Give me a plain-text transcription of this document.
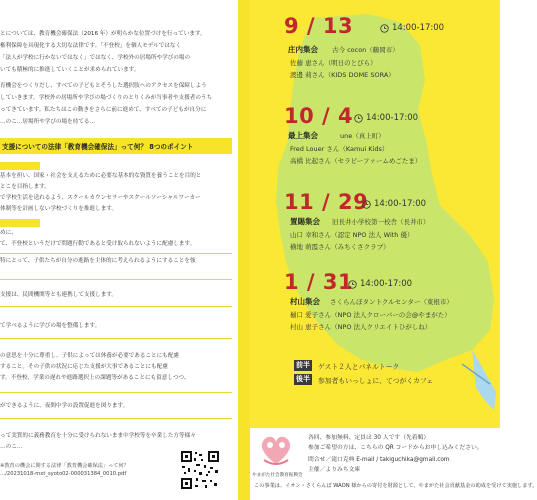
とについては、教育機会確保法（2016 年）が明らかな位置づけを行っています。
権利保障を具現化する大切な法律です。「不登校」を個人モデルではなく
「法人が学校に行かないではなく」ではなく、学校外の居場所や学びの場の
いても積極的に推進していくことが求められています。
育機会をつくりだし、すべての子どもとそうした選択肢へのアクセスを保障しよう
していきます。学校外の居場所や学びの場づくりのとりくみが当事者や支援者のうち
ってきています。私たちはこの動きをさらに前に進めて、すべての子どもが自分に
…のこ…居場所や学びの場を持てる…
支援についての法律「教育機会確保法」って何？ 8つのポイント
基本を担い、国家・社会を支えるために必要な基本的な資質を養うことを目的と
とこを目指します。
で学校生活を送れるよう、スクールカウンセラーやスクールソーシャルワーカー
体制等を計画しない学校づくりを推進します。
めに、
て、不登校というだけで問題行動であると受け取られないように配慮します。
特にとって、子供たちが自分の進路を主体的に考えられるようにすることを強
支援は、民間機関等とも連携して支援します。
て学べるように学びの場を整備します。
の意思を十分に尊重し、子供によっては休養が必要であることにも配慮
すること。その子供の状況に応じた支援が大事であることにも配慮
す。不登校、学業の遅れや進路選択上の課題等があることにも留意しつつ、
ができるように、夜間中学の設置促進を図ります。
って実質的に義務教育を十分に受けられないまま中学校等を卒業した方等様々
…のこ…
※教育の機会に関する法律「教育機会確保法」って何？
…/20231018-mxt_syoto02-000031384_0010.pdf
9 / 13	14:00-17:00
庄内集会 古今 cocon（鶴岡市）
佐藤 恵さん（明日のとびら）
渡邊 莉さん（KIDS DOME SORA）
10 / 4 14:00-17:00
最上集会	une（真上町）
Fred Louer さん（Kamui Kids）
高橋 比起さん（セラピーファームめごたま）
11 / 29 14:00-17:00
置賜集会 旧長井小学校第一校舎（長井市）
山口 幸和さん（認定 NPO 法人 With 優）
横地 萌霞さん（みちくさクラブ）
1 / 31 14:00-17:00
村山集会 さくらんぼタントクルセンター（東根市）
樋口 愛子さん（NPO 法人クローバーの会@やまがた）
村山 恵子さん（NPO 法人クリエイトひがしね）
前半 ゲスト２人とパネルトーク
後半 参加者もいっしょに、てつがくカフェ
やまがた社会教育振興会
各回、参加無料、定員は 30 人です（先着順）
参加ご希望の方は、こちらの QR コードからお申し込みください。
問合せ／滝口克典 E-mail / takiguchika@gmail.com
主催／よりみち文庫
この事業は、イオン・さくらんぼ WAON 様からの寄付を財源として、やまがた社会貢献基金の助成を受けて実施します。
